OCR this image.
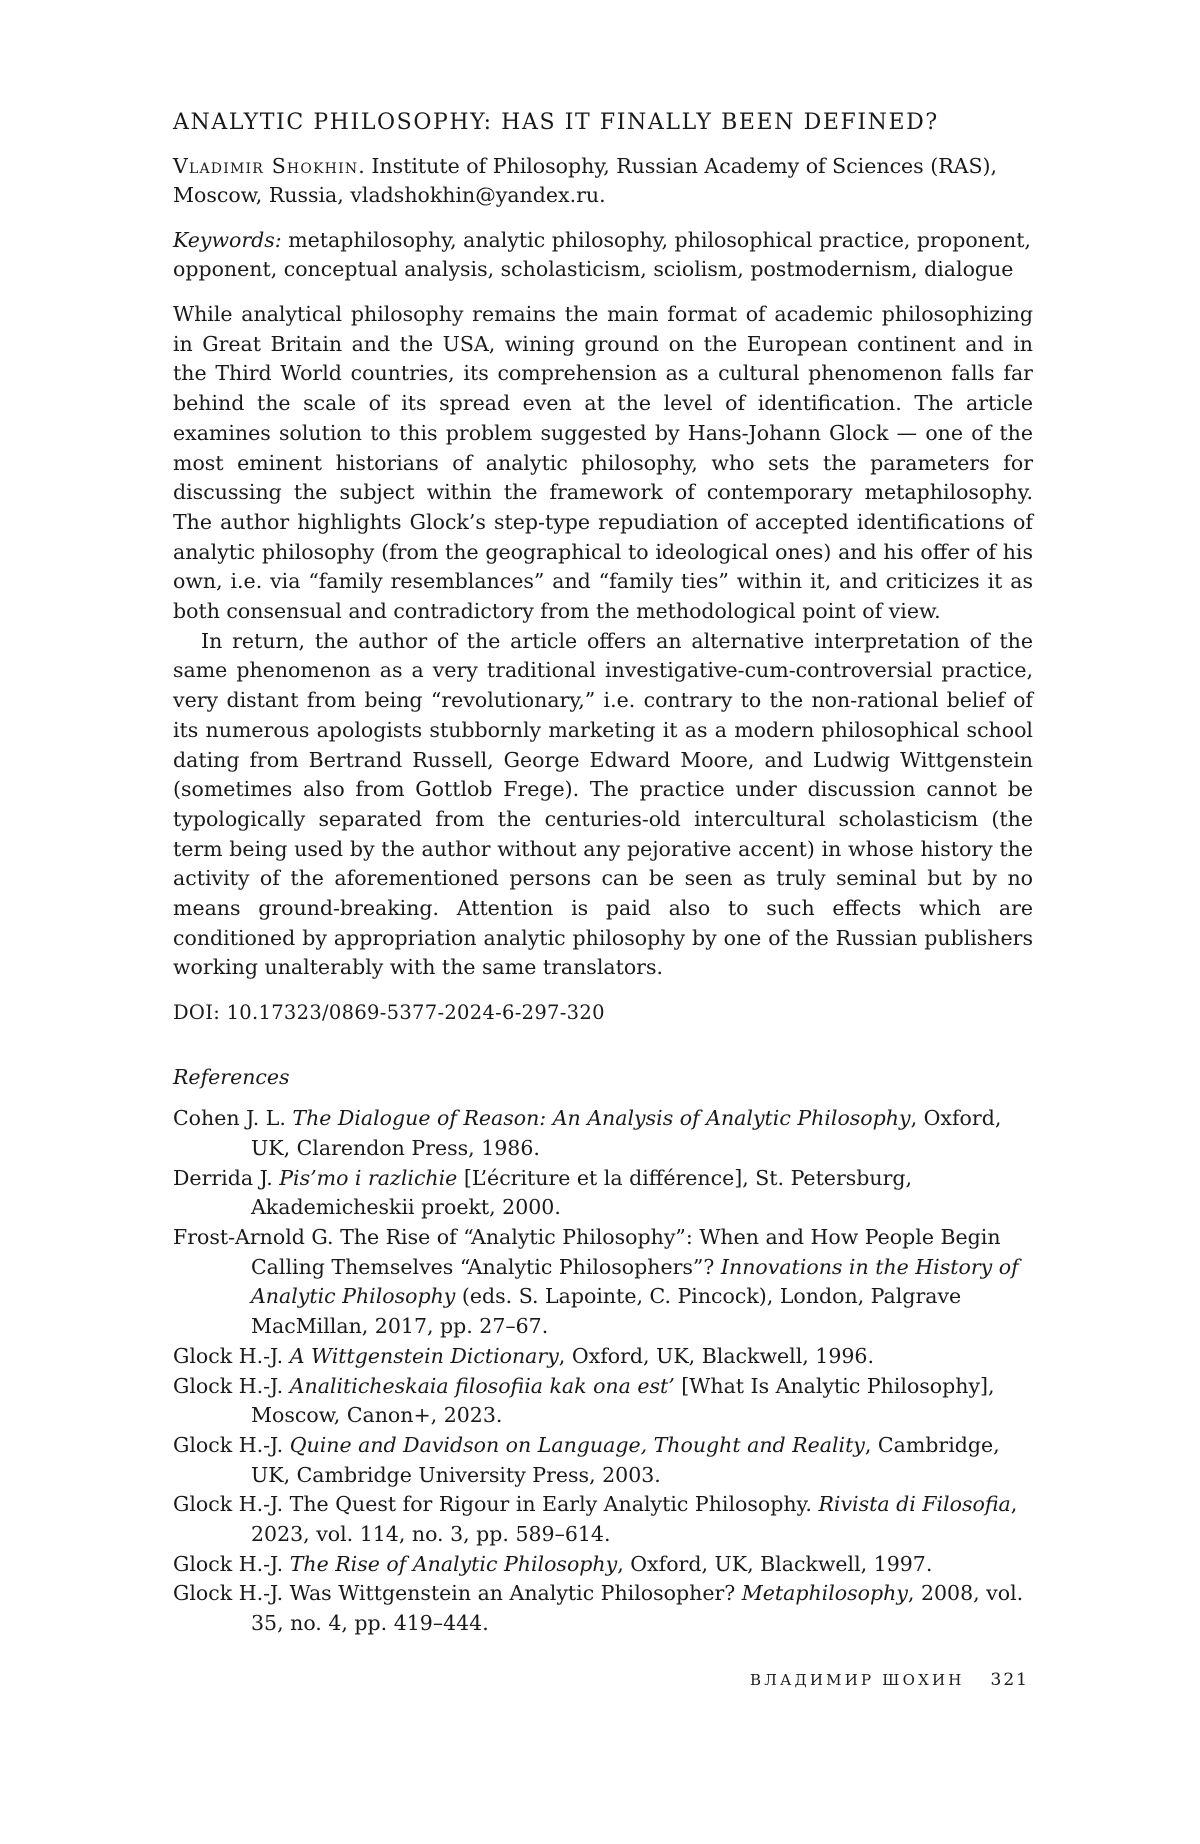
ANALYTIC PHILOSOPHY: HAS IT FINALLY BEEN DEFINED?

Vladimir Shokhin. Institute of Philosophy, Russian Academy of Sciences (RAS), Moscow, Russia, vladshokhin@yandex.ru.

Keywords: metaphilosophy, analytic philosophy, philosophical practice, proponent, opponent, conceptual analysis, scholasticism, sciolism, postmodernism, dialogue

While analytical philosophy remains the main format of academic philosophizing in Great Britain and the USA, wining ground on the European continent and in the Third World countries, its comprehension as a cultural phenomenon falls far behind the scale of its spread even at the level of identification. The article examines solution to this problem suggested by Hans-Johann Glock — one of the most eminent historians of analytic philosophy, who sets the parameters for discussing the subject within the framework of contemporary metaphilosophy. The author highlights Glock’s step-type repudiation of accepted identifications of analytic philosophy (from the geographical to ideological ones) and his offer of his own, i.e. via “family resemblances” and “family ties” within it, and criticizes it as both consensual and contradictory from the methodological point of view.

In return, the author of the article offers an alternative interpretation of the same phenomenon as a very traditional investigative-cum-controversial practice, very distant from being “revolutionary,” i.e. contrary to the non-rational belief of its numerous apologists stubbornly marketing it as a modern philosophical school dating from Bertrand Russell, George Edward Moore, and Ludwig Wittgenstein (sometimes also from Gottlob Frege). The practice under discussion cannot be typologically separated from the centuries-old intercultural scholasticism (the term being used by the author without any pejorative accent) in whose history the activity of the aforementioned persons can be seen as truly seminal but by no means ground-breaking. Attention is paid also to such effects which are conditioned by appropriation analytic philosophy by one of the Russian publishers working unalterably with the same translators.

DOI: 10.17323/0869-5377-2024-6-297-320

References

Cohen J. L. The Dialogue of Reason: An Analysis of Analytic Philosophy, Oxford, UK, Clarendon Press, 1986.
Derrida J. Pis’mo i razlichie [L’écriture et la différence], St. Petersburg, Akademicheskii proekt, 2000.
Frost-Arnold G. The Rise of “Analytic Philosophy”: When and How People Begin Calling Themselves “Analytic Philosophers”? Innovations in the History of Analytic Philosophy (eds. S. Lapointe, C. Pincock), London, Palgrave MacMillan, 2017, pp. 27–67.
Glock H.-J. A Wittgenstein Dictionary, Oxford, UK, Blackwell, 1996.
Glock H.-J. Analiticheskaia filosofiia kak ona est’ [What Is Analytic Philosophy], Moscow, Canon+, 2023.
Glock H.-J. Quine and Davidson on Language, Thought and Reality, Cambridge, UK, Cambridge University Press, 2003.
Glock H.-J. The Quest for Rigour in Early Analytic Philosophy. Rivista di Filosofia, 2023, vol. 114, no. 3, pp. 589–614.
Glock H.-J. The Rise of Analytic Philosophy, Oxford, UK, Blackwell, 1997.
Glock H.-J. Was Wittgenstein an Analytic Philosopher? Metaphilosophy, 2008, vol. 35, no. 4, pp. 419–444.
ВЛАДИМИР ШОХИН 321
